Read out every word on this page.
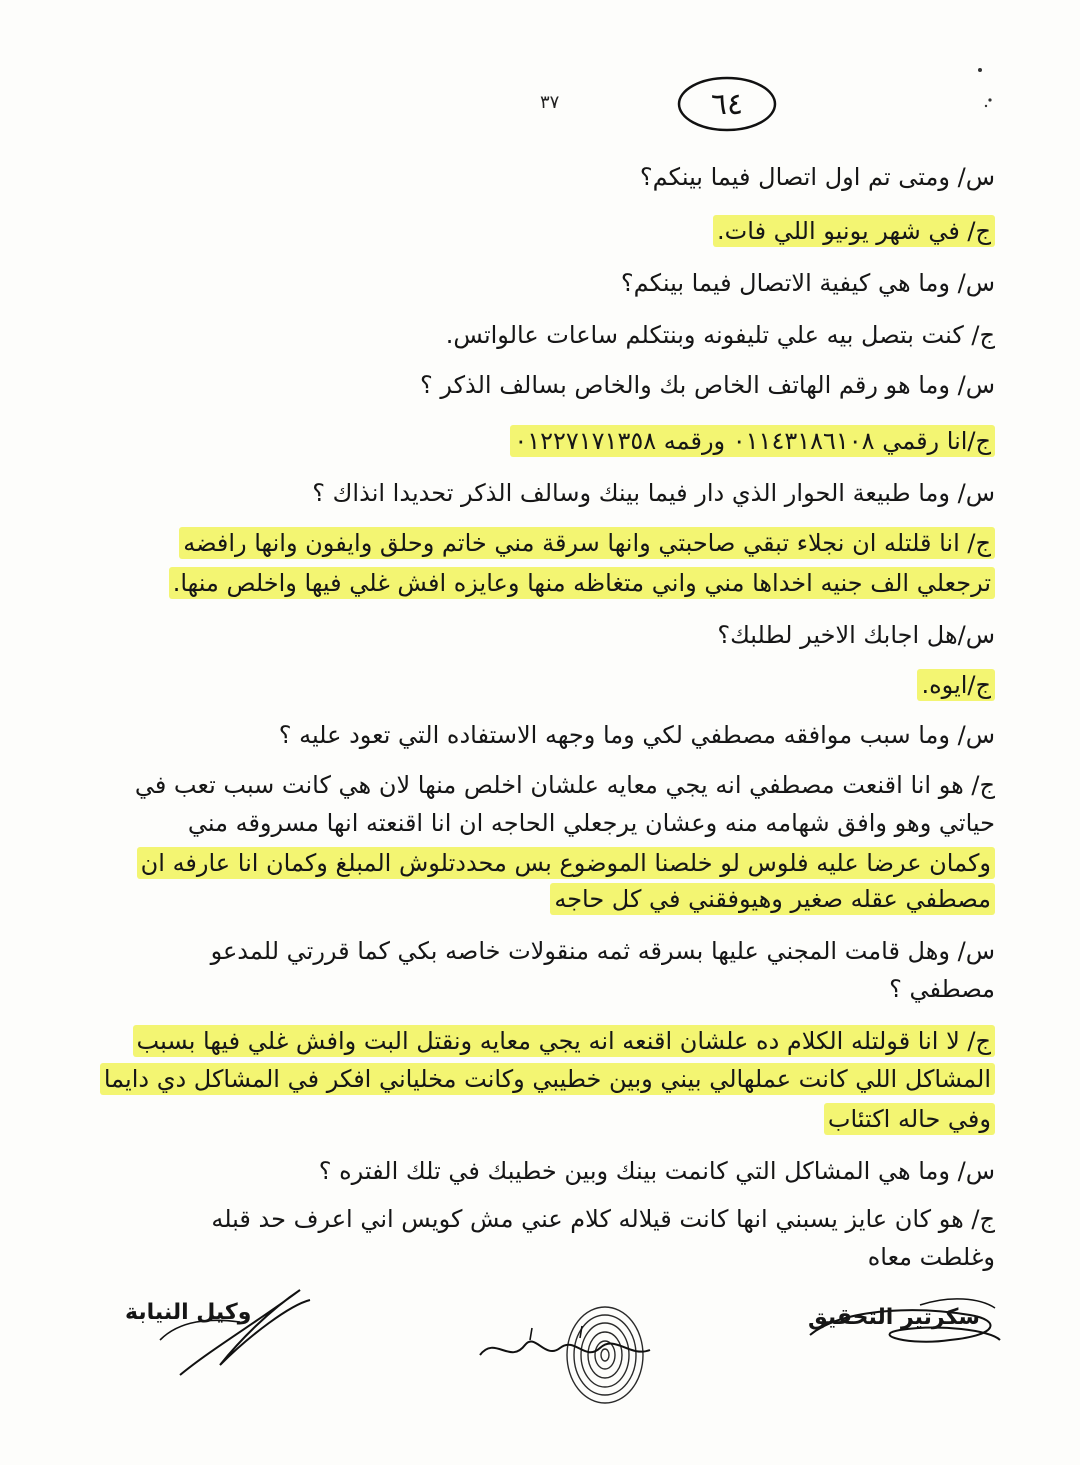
٣٧	٦٤
س/ ومتى تم اول اتصال فيما بينكم؟
ج/ في شهر يونيو اللي فات.
س/ وما هي كيفية الاتصال فيما بينكم؟
ج/ كنت بتصل بيه علي تليفونه وبنتكلم ساعات عالواتس.
س/ وما هو رقم الهاتف الخاص بك والخاص بسالف الذكر ؟
ج/انا رقمي ٠١١٤٣١٨٦١٠٨ ورقمه ٠١٢٢٧١٧١٣٥٨
س/ وما طبيعة الحوار الذي دار فيما بينك وسالف الذكر تحديدا انذاك ؟
ج/ انا قلتله ان نجلاء تبقي صاحبتي وانها سرقة مني خاتم وحلق وايفون وانها رافضه
ترجعلي الف جنيه اخداها مني واني متغاظه منها وعايزه افش غلي فيها واخلص منها.
س/هل اجابك الاخير لطلبك؟
ج/ايوه.
س/ وما سبب موافقه مصطفي لكي وما وجهه الاستفاده التي تعود عليه ؟
ج/ هو انا اقنعت مصطفي انه يجي معايه علشان اخلص منها لان هي كانت سبب تعب في
حياتي وهو وافق شهامه منه وعشان يرجعلي الحاجه ان انا اقنعته انها مسروقه مني
وكمان عرضا عليه فلوس لو خلصنا الموضوع بس محددتلوش المبلغ وكمان انا عارفه ان
مصطفي عقله صغير وهيوفقني في كل حاجه
س/ وهل قامت المجني عليها بسرقه ثمه منقولات خاصه بكي كما قررتي للمدعو
مصطفي ؟
ج/ لا انا قولتله الكلام ده علشان اقنعه انه يجي معايه ونقتل البت وافش غلي فيها بسبب
المشاكل اللي كانت عملهالي بيني وبين خطيبي وكانت مخلياني افكر في المشاكل دي دايما
وفي حاله اكتئاب
س/ وما هي المشاكل التي كانمت بينك وبين خطيبك في تلك الفتره ؟
ج/ هو كان عايز يسبني انها كانت قيلاله كلام عني مش كويس اني اعرف حد قبله
وغلطت معاه
سكرتير التحقيق
المتهمة
وكيل النيابة
